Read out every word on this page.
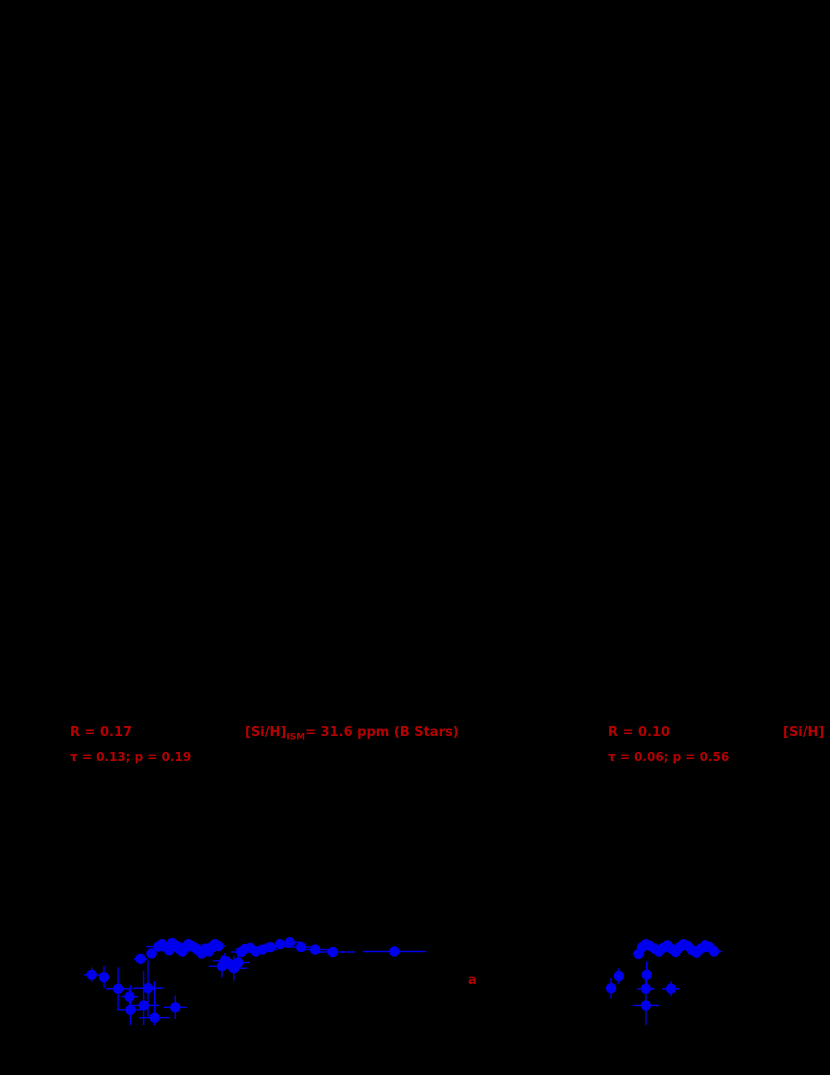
R = 0.17
τ = 0.13; p = 0.19
$[Si/H]_{ISM}= 31.6$ ppm (B Stars)
a
R = 0.10
τ = 0.06; p = 0.56
[Si/H]
